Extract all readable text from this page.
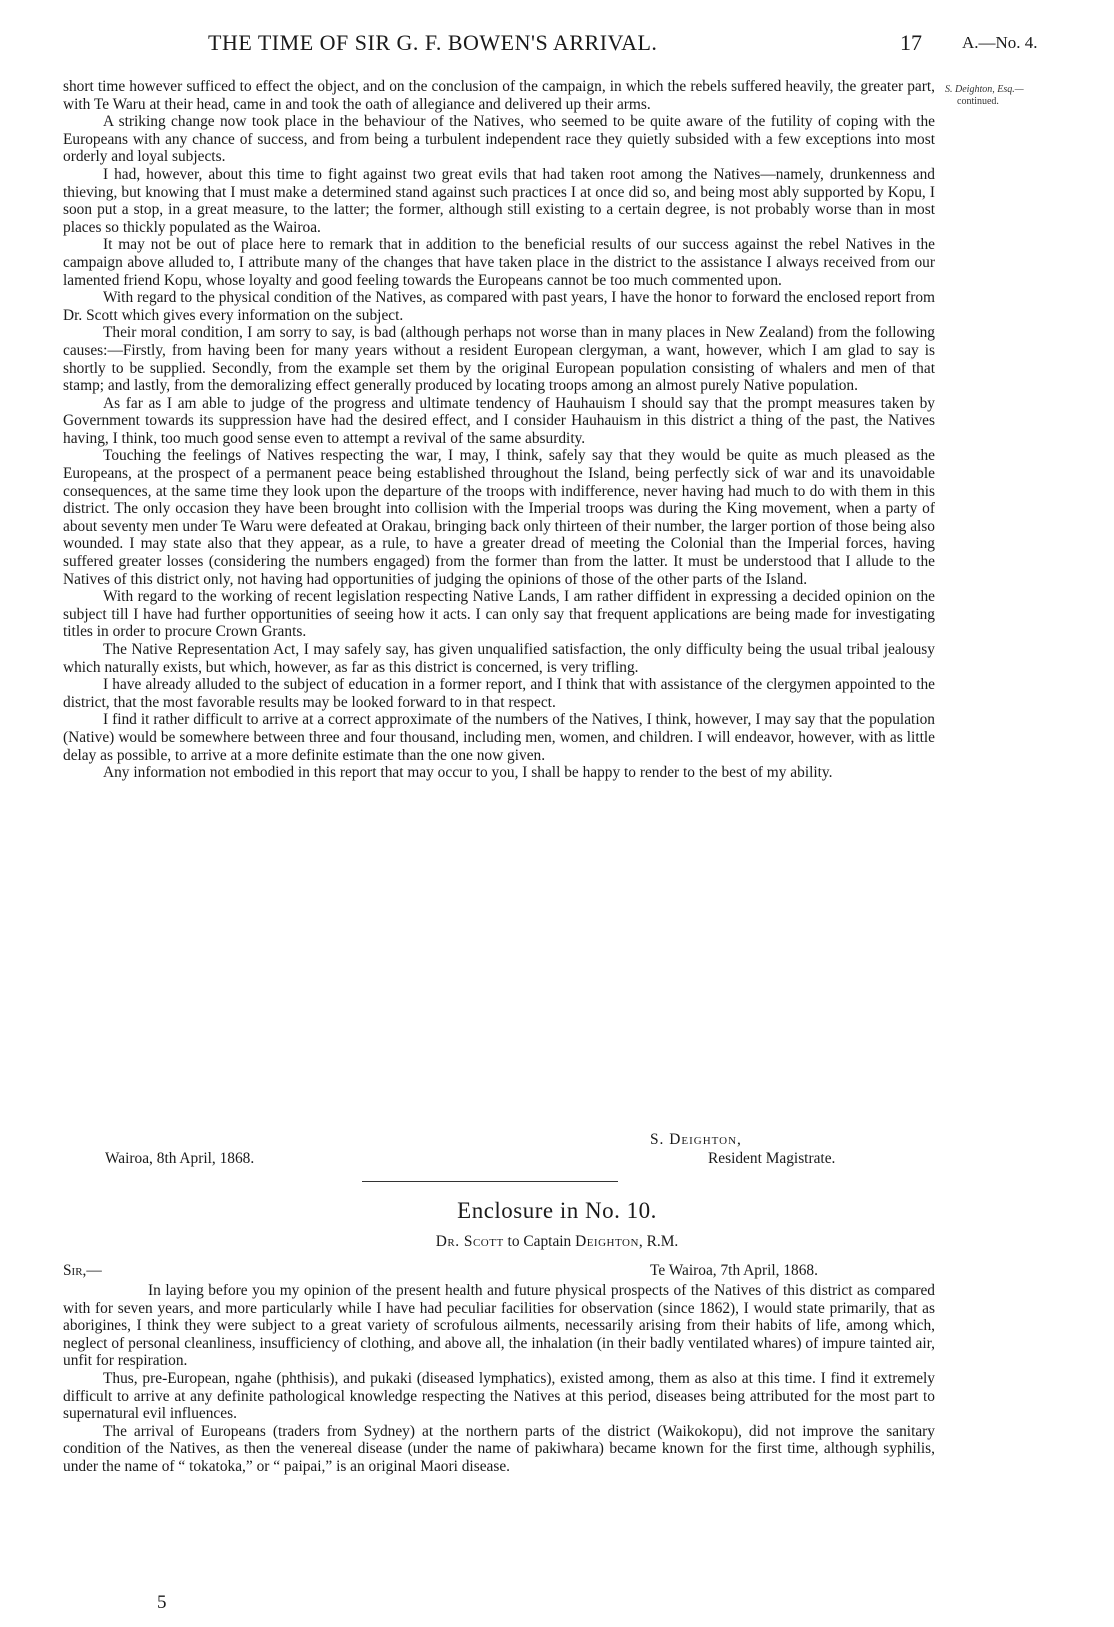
THE TIME OF SIR G. F. BOWEN'S ARRIVAL.	17 A.—No. 4.
S. Deighton, Esq.—
continued.

short time however sufficed to effect the object, and on the conclusion of the campaign, in which the rebels suffered heavily, the greater part, with Te Waru at their head, came in and took the oath of allegiance and delivered up their arms.

A striking change now took place in the behaviour of the Natives, who seemed to be quite aware of the futility of coping with the Europeans with any chance of success, and from being a turbulent independent race they quietly subsided with a few exceptions into most orderly and loyal subjects.

I had, however, about this time to fight against two great evils that had taken root among the Natives—namely, drunkenness and thieving, but knowing that I must make a determined stand against such practices I at once did so, and being most ably supported by Kopu, I soon put a stop, in a great measure, to the latter; the former, although still existing to a certain degree, is not probably worse than in most places so thickly populated as the Wairoa.

It may not be out of place here to remark that in addition to the beneficial results of our success against the rebel Natives in the campaign above alluded to, I attribute many of the changes that have taken place in the district to the assistance I always received from our lamented friend Kopu, whose loyalty and good feeling towards the Europeans cannot be too much commented upon.

With regard to the physical condition of the Natives, as compared with past years, I have the honor to forward the enclosed report from Dr. Scott which gives every information on the subject.

Their moral condition, I am sorry to say, is bad (although perhaps not worse than in many places in New Zealand) from the following causes:—Firstly, from having been for many years without a resident European clergyman, a want, however, which I am glad to say is shortly to be supplied. Secondly, from the example set them by the original European population consisting of whalers and men of that stamp; and lastly, from the demoralizing effect generally produced by locating troops among an almost purely Native population.

As far as I am able to judge of the progress and ultimate tendency of Hauhauism I should say that the prompt measures taken by Government towards its suppression have had the desired effect, and I consider Hauhauism in this district a thing of the past, the Natives having, I think, too much good sense even to attempt a revival of the same absurdity.

Touching the feelings of Natives respecting the war, I may, I think, safely say that they would be quite as much pleased as the Europeans, at the prospect of a permanent peace being established throughout the Island, being perfectly sick of war and its unavoidable consequences, at the same time they look upon the departure of the troops with indifference, never having had much to do with them in this district. The only occasion they have been brought into collision with the Imperial troops was during the King movement, when a party of about seventy men under Te Waru were defeated at Orakau, bringing back only thirteen of their number, the larger portion of those being also wounded. I may state also that they appear, as a rule, to have a greater dread of meeting the Colonial than the Imperial forces, having suffered greater losses (considering the numbers engaged) from the former than from the latter. It must be understood that I allude to the Natives of this district only, not having had opportunities of judging the opinions of those of the other parts of the Island.

With regard to the working of recent legislation respecting Native Lands, I am rather diffident in expressing a decided opinion on the subject till I have had further opportunities of seeing how it acts. I can only say that frequent applications are being made for investigating titles in order to procure Crown Grants.

The Native Representation Act, I may safely say, has given unqualified satisfaction, the only difficulty being the usual tribal jealousy which naturally exists, but which, however, as far as this district is concerned, is very trifling.

I have already alluded to the subject of education in a former report, and I think that with assistance of the clergymen appointed to the district, that the most favorable results may be looked forward to in that respect.

I find it rather difficult to arrive at a correct approximate of the numbers of the Natives, I think, however, I may say that the population (Native) would be somewhere between three and four thousand, including men, women, and children. I will endeavor, however, with as little delay as possible, to arrive at a more definite estimate than the one now given.

Any information not embodied in this report that may occur to you, I shall be happy to render to the best of my ability.

S. Deighton,
Wairoa, 8th April, 1868.	Resident Magistrate.
Enclosure in No. 10.
Dr. Scott to Captain Deighton, R.M.
Sir,—	Te Wairoa, 7th April, 1868.

In laying before you my opinion of the present health and future physical prospects of the Natives of this district as compared with for seven years, and more particularly while I have had peculiar facilities for observation (since 1862), I would state primarily, that as aborigines, I think they were subject to a great variety of scrofulous ailments, necessarily arising from their habits of life, among which, neglect of personal cleanliness, insufficiency of clothing, and above all, the inhalation (in their badly ventilated whares) of impure tainted air, unfit for respiration.

Thus, pre-European, ngahe (phthisis), and pukaki (diseased lymphatics), existed among, them as also at this time. I find it extremely difficult to arrive at any definite pathological knowledge respecting the Natives at this period, diseases being attributed for the most part to supernatural evil influences.

The arrival of Europeans (traders from Sydney) at the northern parts of the district (Waikokopu), did not improve the sanitary condition of the Natives, as then the venereal disease (under the name of pakiwhara) became known for the first time, although syphilis, under the name of “ tokatoka,” or “ paipai,” is an original Maori disease.

5
